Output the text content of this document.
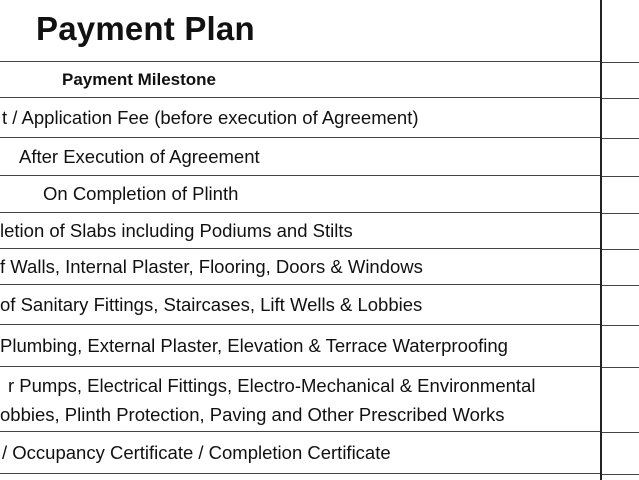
Payment Plan
Payment Milestone
t / Application Fee (before execution of Agreement)
After Execution of Agreement
On Completion of Plinth
letion of Slabs including Podiums and Stilts
f Walls, Internal Plaster, Flooring, Doors & Windows
of Sanitary Fittings, Staircases, Lift Wells & Lobbies
Plumbing, External Plaster, Elevation & Terrace Waterproofing
r Pumps, Electrical Fittings, Electro-Mechanical & Environmental
obbies, Plinth Protection, Paving and Other Prescribed Works
/ Occupancy Certificate / Completion Certificate
